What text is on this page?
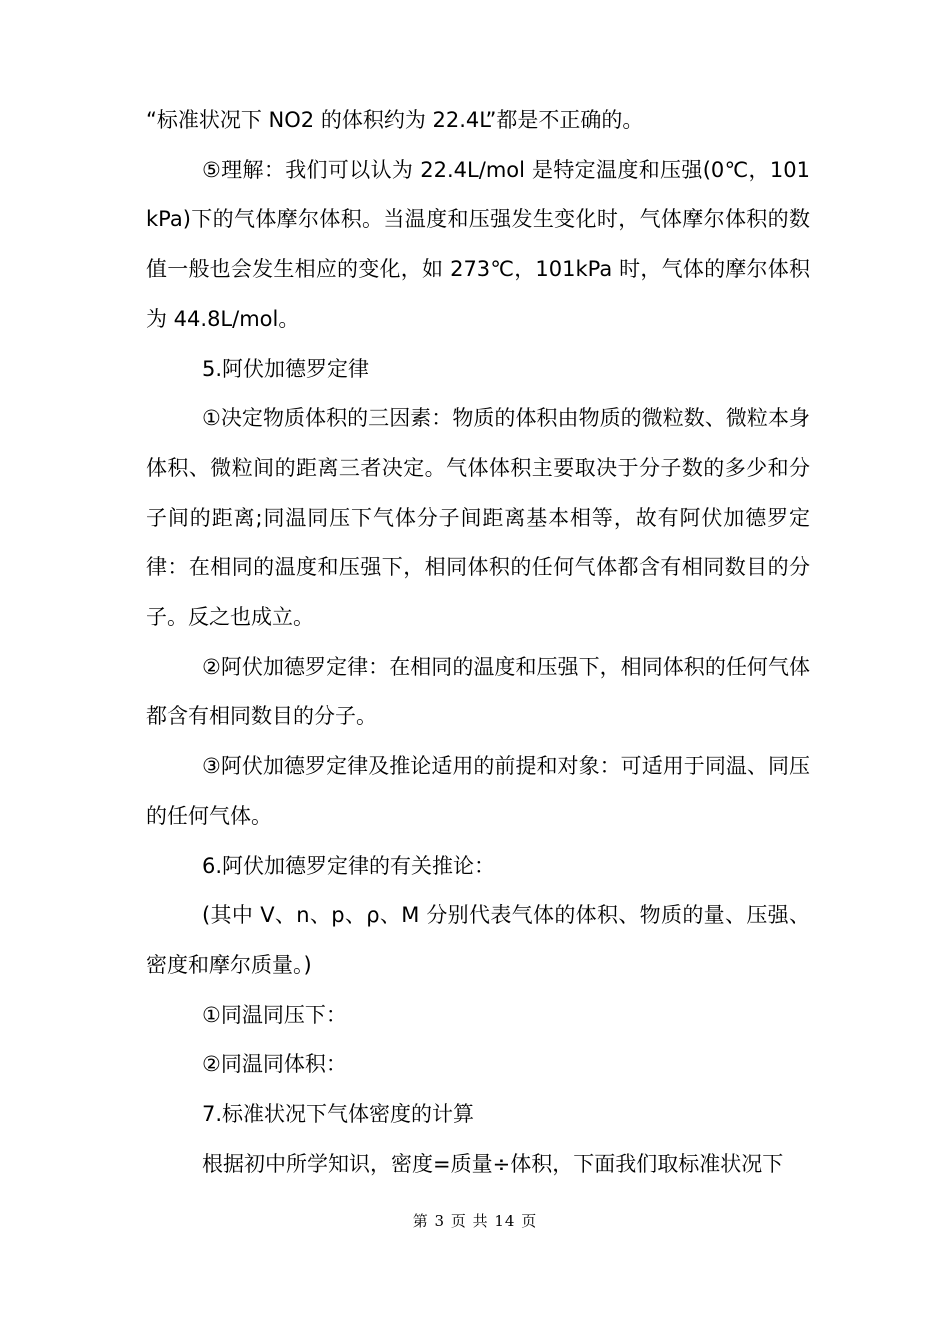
“标准状况下 NO2 的体积约为 22.4L”都是不正确的。

⑤理解：我们可以认为 22.4L/mol 是特定温度和压强(0℃，101kPa)下的气体摩尔体积。当温度和压强发生变化时，气体摩尔体积的数值一般也会发生相应的变化，如 273℃，101kPa 时，气体的摩尔体积为 44.8L/mol。

5.阿伏加德罗定律

①决定物质体积的三因素：物质的体积由物质的微粒数、微粒本身体积、微粒间的距离三者决定。气体体积主要取决于分子数的多少和分子间的距离;同温同压下气体分子间距离基本相等，故有阿伏加德罗定律：在相同的温度和压强下，相同体积的任何气体都含有相同数目的分子。反之也成立。

②阿伏加德罗定律：在相同的温度和压强下，相同体积的任何气体都含有相同数目的分子。

③阿伏加德罗定律及推论适用的前提和对象：可适用于同温、同压的任何气体。

6.阿伏加德罗定律的有关推论：

(其中 V、n、p、ρ、M 分别代表气体的体积、物质的量、压强、密度和摩尔质量。)

①同温同压下：

②同温同体积：

7.标准状况下气体密度的计算

根据初中所学知识，密度=质量÷体积，下面我们取标准状况下

第 3 页 共 14 页
